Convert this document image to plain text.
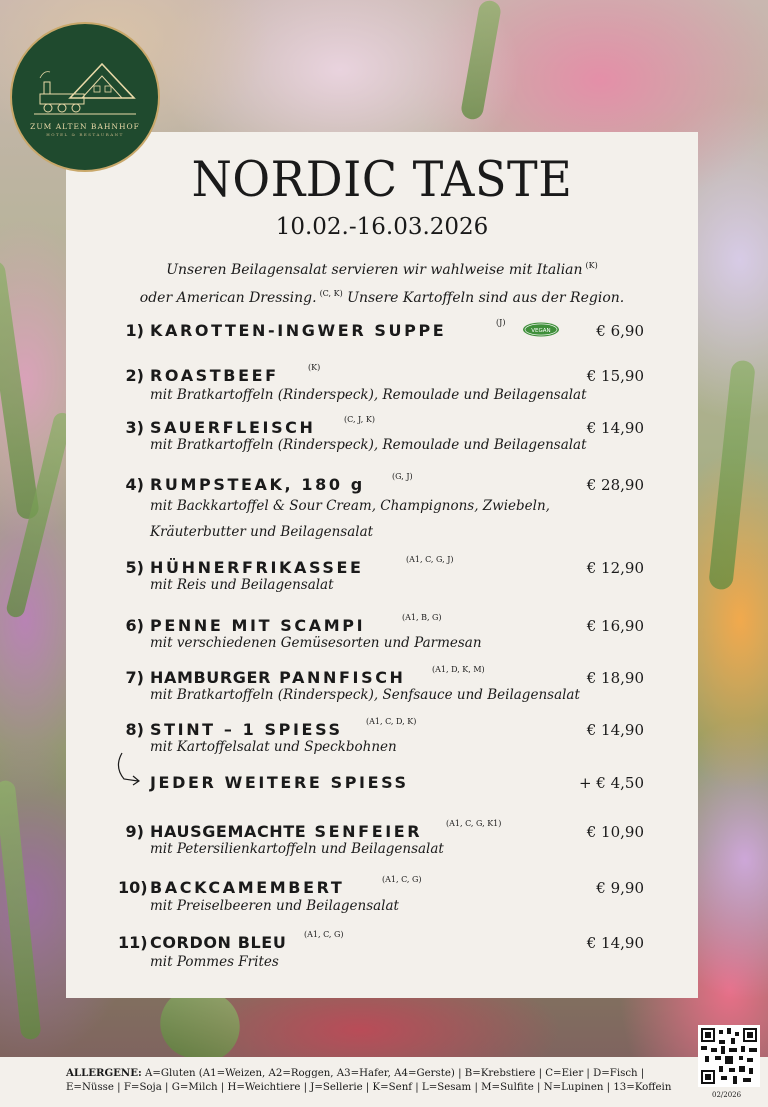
ZUM ALTEN BAHNHOF
HOTEL & RESTAURANT
NORDIC TASTE
10.02.-16.03.2026
Unseren Beilagensalat servieren wir wahlweise mit Italian $^{(K)}$
oder American Dressing. $^{(C, K)}$ Unsere Kartoffeln sind aus der Region.
1) KAROTTEN-INGWER SUPPE	(J)
VEGAN	€ 6,90
2) ROASTBEEF	(K)	€ 15,90
mit Bratkartoffeln (Rinderspeck), Remoulade und Beilagensalat
3) SAUERFLEISCH	(C, J, K)	€ 14,90
mit Bratkartoffeln (Rinderspeck), Remoulade und Beilagensalat
4) RUMPSTEAK, 180 g	(G, J)	€ 28,90
mit Backkartoffel & Sour Cream, Champignons, Zwiebeln,
Kräuterbutter und Beilagensalat
5) HÜHNERFRIKASSEE	(A1, C, G, J)	€ 12,90
mit Reis und Beilagensalat
6) PENNE MIT SCAMPI	(A1, B, G)	€ 16,90
mit verschiedenen Gemüsesorten und Parmesan
7) HAMBURGER PANNFISCH	(A1, D, K, M)	€ 18,90
mit Bratkartoffeln (Rinderspeck), Senfsauce und Beilagensalat
8) STINT – 1 SPIESS	(A1, C, D, K)	€ 14,90
mit Kartoffelsalat und Speckbohnen
JEDER WEITERE SPIESS	+ € 4,50
9) HAUSGEMACHTE SENFEIER	(A1, C, G, K1)	€ 10,90
mit Petersilienkartoffeln und Beilagensalat
10) BACKCAMEMBERT	(A1, C, G)	€ 9,90
mit Preiselbeeren und Beilagensalat
11) CORDON BLEU (A1, C, G)	€ 14,90
mit Pommes Frites
ALLERGENE: A=Gluten (A1=Weizen, A2=Roggen, A3=Hafer, A4=Gerste) | B=Krebstiere | C=Eier | D=Fisch |
E=Nüsse | F=Soja | G=Milch | H=Weichtiere | J=Sellerie | K=Senf | L=Sesam | M=Sulfite | N=Lupinen | 13=Koffein
02/2026
